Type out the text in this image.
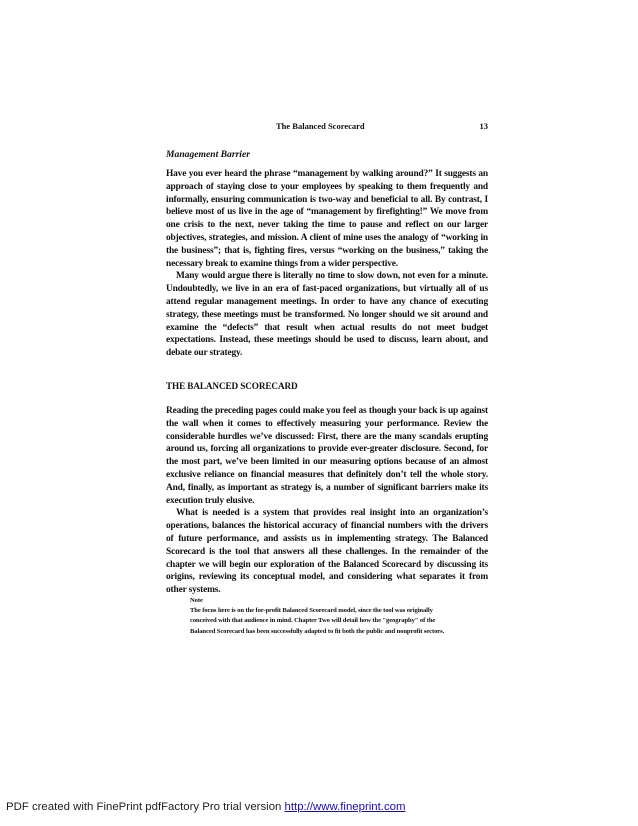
The Balanced Scorecard	13
Management Barrier

Have you ever heard the phrase “management by walking around?” It suggests an approach of staying close to your employees by speaking to them frequently and informally, ensuring communication is two-way and beneficial to all. By contrast, I believe most of us live in the age of “management by firefighting!” We move from one crisis to the next, never taking the time to pause and reflect on our larger objectives, strategies, and mission. A client of mine uses the analogy of “working in the business”; that is, fighting fires, versus “working on the business,” taking the necessary break to examine things from a wider perspective.

Many would argue there is literally no time to slow down, not even for a minute. Undoubtedly, we live in an era of fast-paced organizations, but virtually all of us attend regular management meetings. In order to have any chance of executing strategy, these meetings must be transformed. No longer should we sit around and examine the “defects” that result when actual results do not meet budget expectations. Instead, these meetings should be used to discuss, learn about, and debate our strategy.

THE BALANCED SCORECARD

Reading the preceding pages could make you feel as though your back is up against the wall when it comes to effectively measuring your performance. Review the considerable hurdles we’ve discussed: First, there are the many scandals erupting around us, forcing all organizations to provide ever-greater disclosure. Second, for the most part, we’ve been limited in our measuring options because of an almost exclusive reliance on financial measures that definitely don’t tell the whole story. And, finally, as important as strategy is, a number of significant barriers make its execution truly elusive.

What is needed is a system that provides real insight into an organization’s operations, balances the historical accuracy of financial numbers with the drivers of future performance, and assists us in implementing strategy. The Balanced Scorecard is the tool that answers all these challenges. In the remainder of the chapter we will begin our exploration of the Balanced Scorecard by discussing its origins, reviewing its conceptual model, and considering what separates it from other systems.

Note
The focus here is on the for-profit Balanced Scorecard model, since the tool was originally conceived with that audience in mind. Chapter Two will detail how the "geography" of the Balanced Scorecard has been successfully adapted to fit both the public and nonprofit sectors.
PDF created with FinePrint pdfFactory Pro trial version http://www.fineprint.com
